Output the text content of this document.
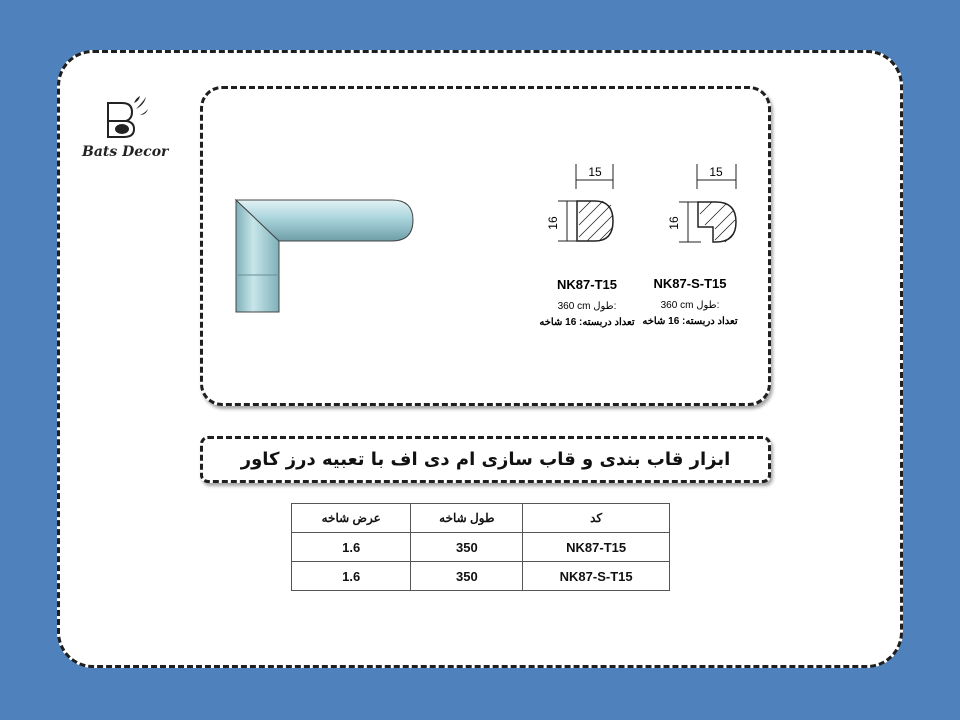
Bats Decor
15
16
NK87-T15
360 cm طول:
تعداد دربسته: 16 شاخه
15
16
NK87-S-T15
360 cm طول:
تعداد دربسته: 16 شاخه
ابزار قاب بندی و قاب سازی ام دی اف با تعبیه درز کاور
کد	طول شاخه	عرض شاخه
NK87-T15	350	1.6
NK87-S-T15	350	1.6
